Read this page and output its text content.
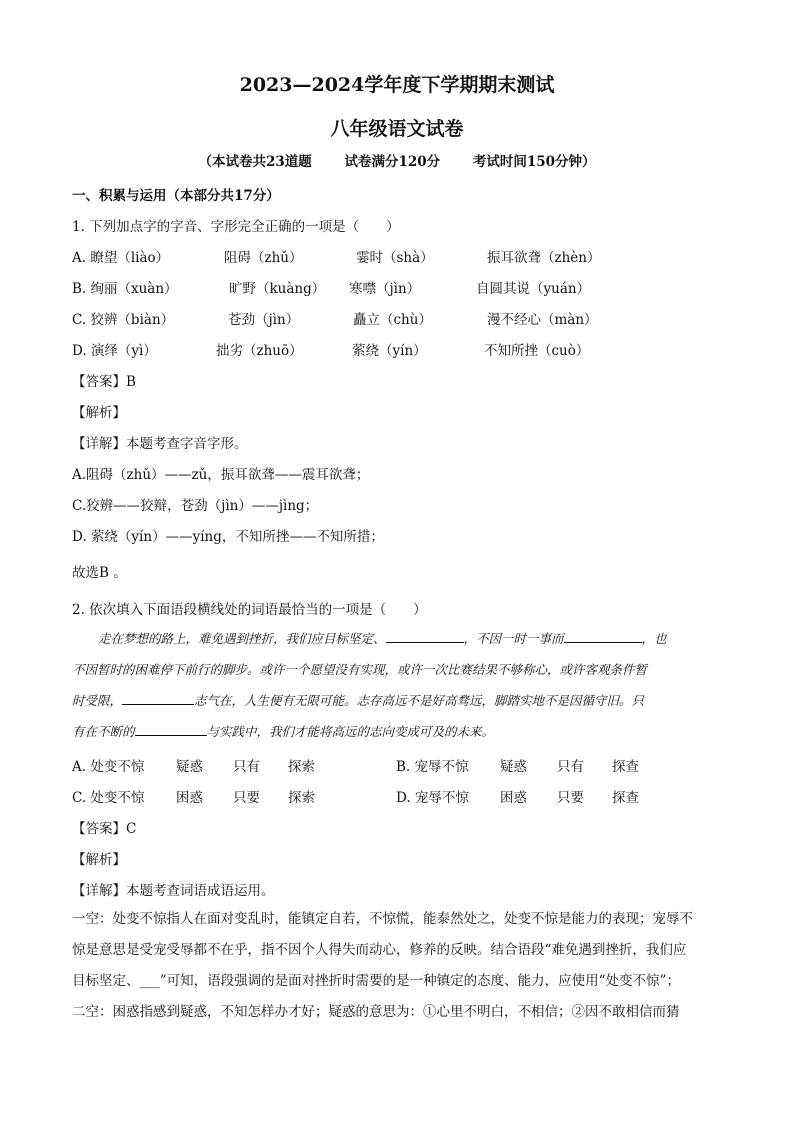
2023—2024学年度下学期期末测试
八年级语文试卷
（本试卷共23道题 试卷满分120分 考试时间150分钟）
一、积累与运用（本部分共17分）
1. 下列加点字的字音、字形完全正确的一项是（　　）
A. 瞭望（liào）	阻碍（zhǔ）	霎时（shà）	振耳欲聋（zhèn）
B. 绚丽（xuàn）	旷野（kuàng） 寒噤（jìn）	自圆其说（yuán）
C. 狡辨（biàn）	苍劲（jìn）	矗立（chù）	漫不经心（màn）
D. 演绎（yì）	拙劣（zhuō）	萦绕（yín）	不知所挫（cuò）
【答案】B
【解析】
【详解】本题考查字音字形。
A.阻碍（zhǔ）——zǔ，振耳欲聋——震耳欲聋；
C.狡辨——狡辩，苍劲（jìn）——jìng；
D. 萦绕（yín）——yíng，不知所挫——不知所措；
故选B 。
2. 依次填入下面语段横线处的词语最恰当的一项是（　　）
走在梦想的路上，难免遇到挫折，我们应目标坚定、	，不因一时一事而	，也
不因暂时的困难停下前行的脚步。或许一个愿望没有实现，或许一次比赛结果不够称心，或许客观条件暂
时受限，	志气在，人生便有无限可能。志存高远不是好高骛远，脚踏实地不是因循守旧。只
有在不断的	与实践中，我们才能将高远的志向变成可及的未来。
A. 处变不惊 疑惑 只有 探索	B. 宠辱不惊 疑惑 只有 探查
C. 处变不惊 困惑 只要 探索	D. 宠辱不惊 困惑 只要 探查
【答案】C
【解析】
【详解】本题考查词语成语运用。
一空：处变不惊指人在面对变乱时，能镇定自若，不惊慌，能泰然处之，处变不惊是能力的表现；宠辱不
惊是意思是受宠受辱都不在乎，指不因个人得失而动心，修养的反映。结合语段“难免遇到挫折，我们应
目标坚定、___”可知，语段强调的是面对挫折时需要的是一种镇定的态度、能力，应使用“处变不惊”；
二空：困惑指感到疑惑，不知怎样办才好；疑惑的意思为：①心里不明白，不相信；②因不敢相信而猜
